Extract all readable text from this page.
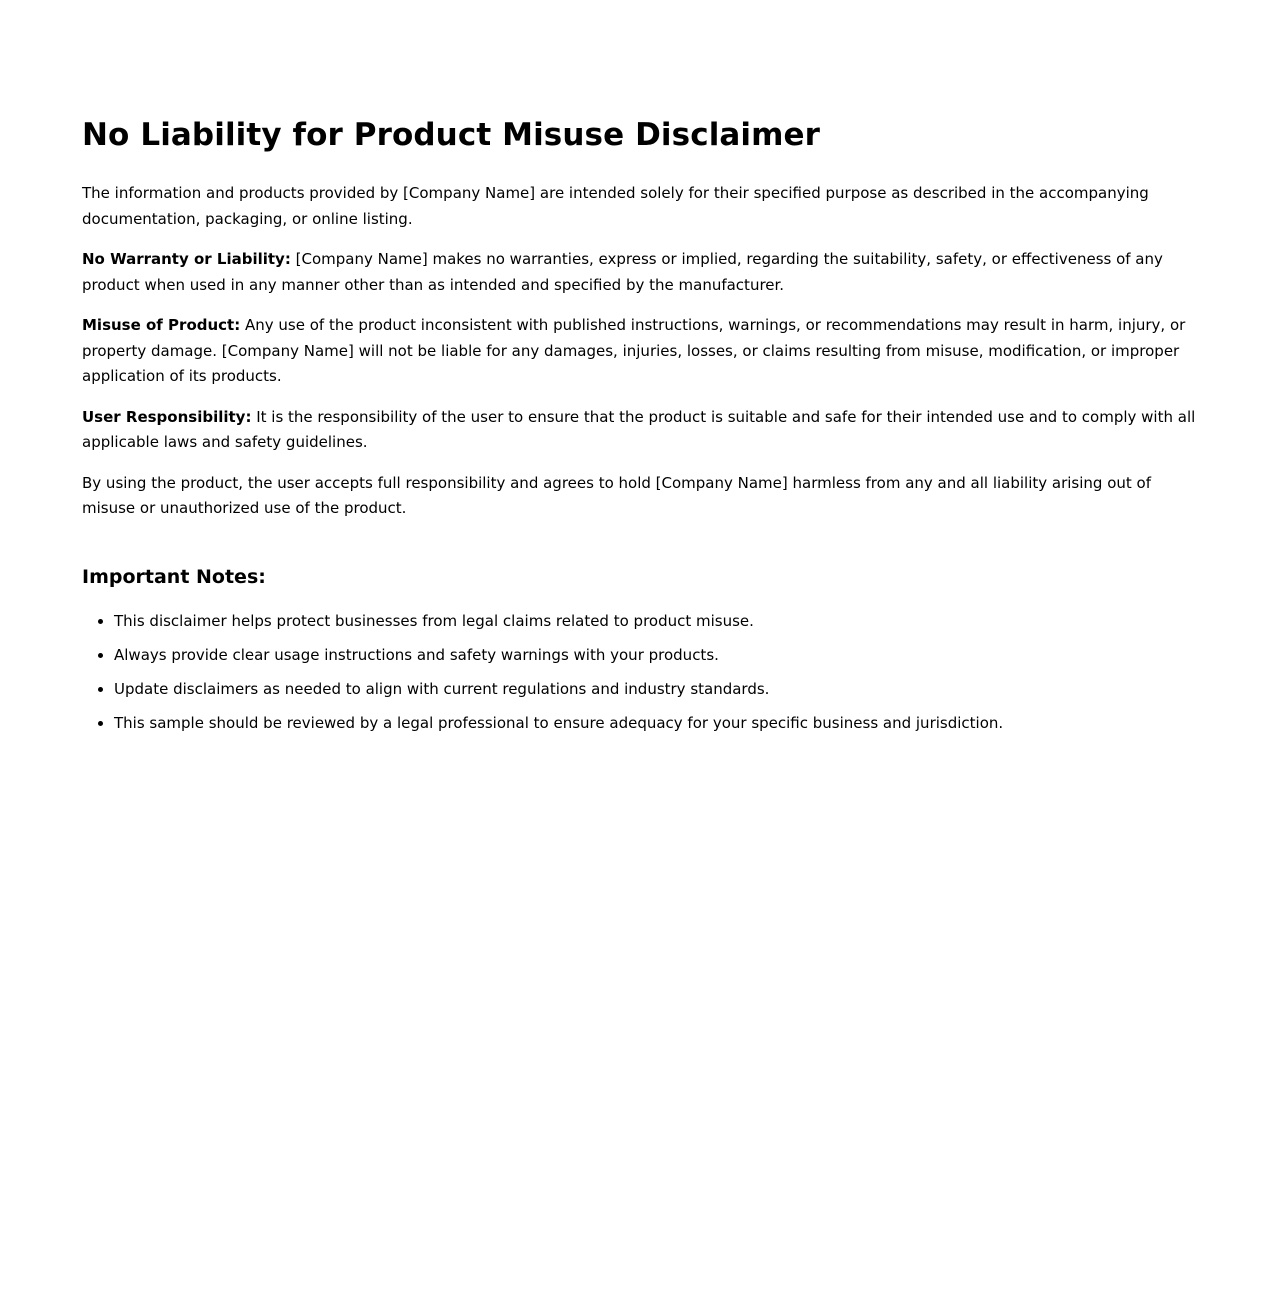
No Liability for Product Misuse Disclaimer

The information and products provided by [Company Name] are intended solely for their specified purpose as described in the accompanying documentation, packaging, or online listing.

No Warranty or Liability: [Company Name] makes no warranties, express or implied, regarding the suitability, safety, or effectiveness of any product when used in any manner other than as intended and specified by the manufacturer.

Misuse of Product: Any use of the product inconsistent with published instructions, warnings, or recommendations may result in harm, injury, or property damage. [Company Name] will not be liable for any damages, injuries, losses, or claims resulting from misuse, modification, or improper application of its products.

User Responsibility: It is the responsibility of the user to ensure that the product is suitable and safe for their intended use and to comply with all applicable laws and safety guidelines.

By using the product, the user accepts full responsibility and agrees to hold [Company Name] harmless from any and all liability arising out of misuse or unauthorized use of the product.

Important Notes:
• This disclaimer helps protect businesses from legal claims related to product misuse.
• Always provide clear usage instructions and safety warnings with your products.
• Update disclaimers as needed to align with current regulations and industry standards.
• This sample should be reviewed by a legal professional to ensure adequacy for your specific business and jurisdiction.
